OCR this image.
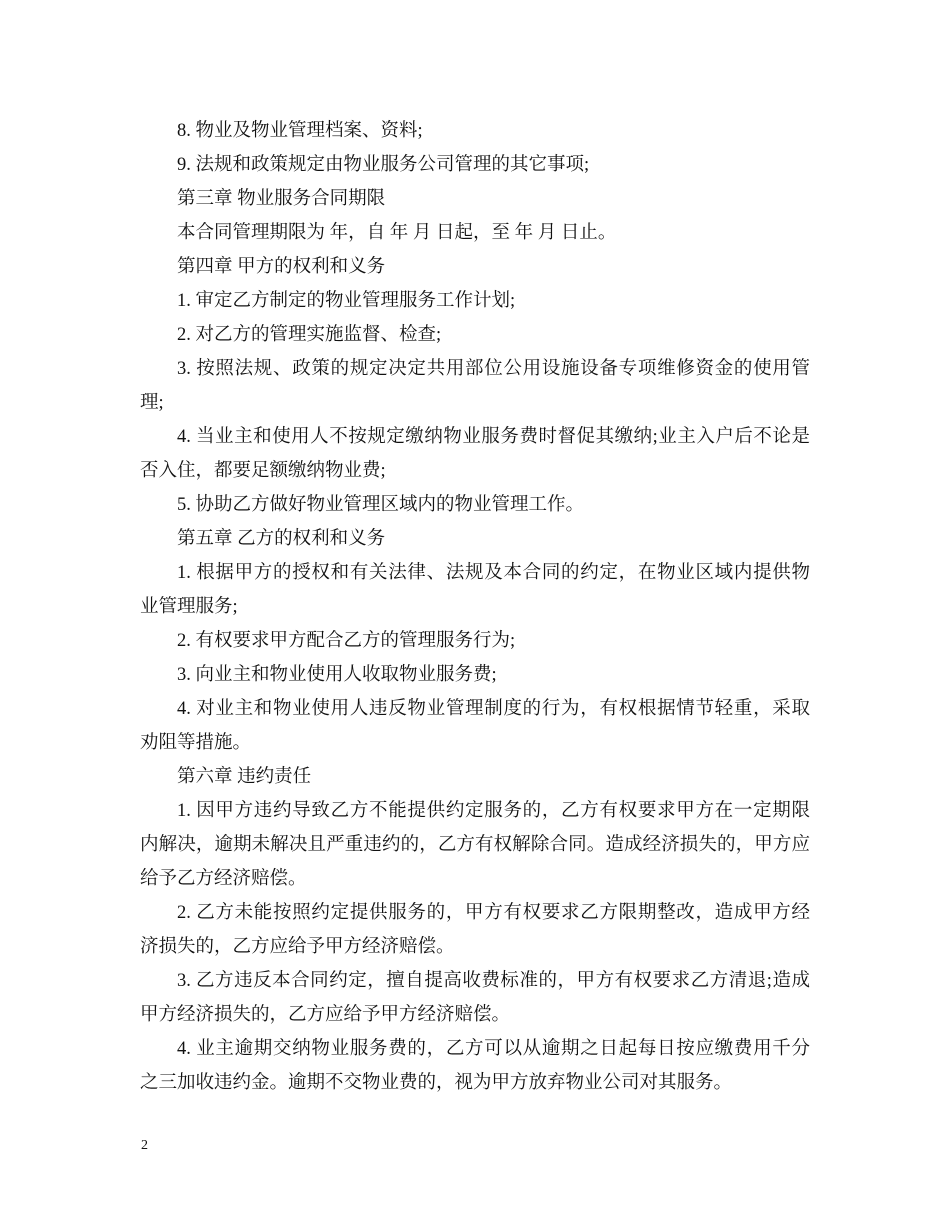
8. 物业及物业管理档案、资料;
9. 法规和政策规定由物业服务公司管理的其它事项;
第三章 物业服务合同期限
本合同管理期限为 年，自 年 月 日起，至 年 月 日止。
第四章 甲方的权利和义务
1. 审定乙方制定的物业管理服务工作计划;
2. 对乙方的管理实施监督、检查;
3. 按照法规、政策的规定决定共用部位公用设施设备专项维修资金的使用管
理;
4. 当业主和使用人不按规定缴纳物业服务费时督促其缴纳;业主入户后不论是
否入住，都要足额缴纳物业费;
5. 协助乙方做好物业管理区域内的物业管理工作。
第五章 乙方的权利和义务
1. 根据甲方的授权和有关法律、法规及本合同的约定，在物业区域内提供物
业管理服务;
2. 有权要求甲方配合乙方的管理服务行为;
3. 向业主和物业使用人收取物业服务费;
4. 对业主和物业使用人违反物业管理制度的行为，有权根据情节轻重，采取
劝阻等措施。
第六章 违约责任
1. 因甲方违约导致乙方不能提供约定服务的，乙方有权要求甲方在一定期限
内解决，逾期未解决且严重违约的，乙方有权解除合同。造成经济损失的，甲方应
给予乙方经济赔偿。
2. 乙方未能按照约定提供服务的，甲方有权要求乙方限期整改，造成甲方经
济损失的，乙方应给予甲方经济赔偿。
3. 乙方违反本合同约定，擅自提高收费标准的，甲方有权要求乙方清退;造成
甲方经济损失的，乙方应给予甲方经济赔偿。
4. 业主逾期交纳物业服务费的，乙方可以从逾期之日起每日按应缴费用千分
之三加收违约金。逾期不交物业费的，视为甲方放弃物业公司对其服务。
2
